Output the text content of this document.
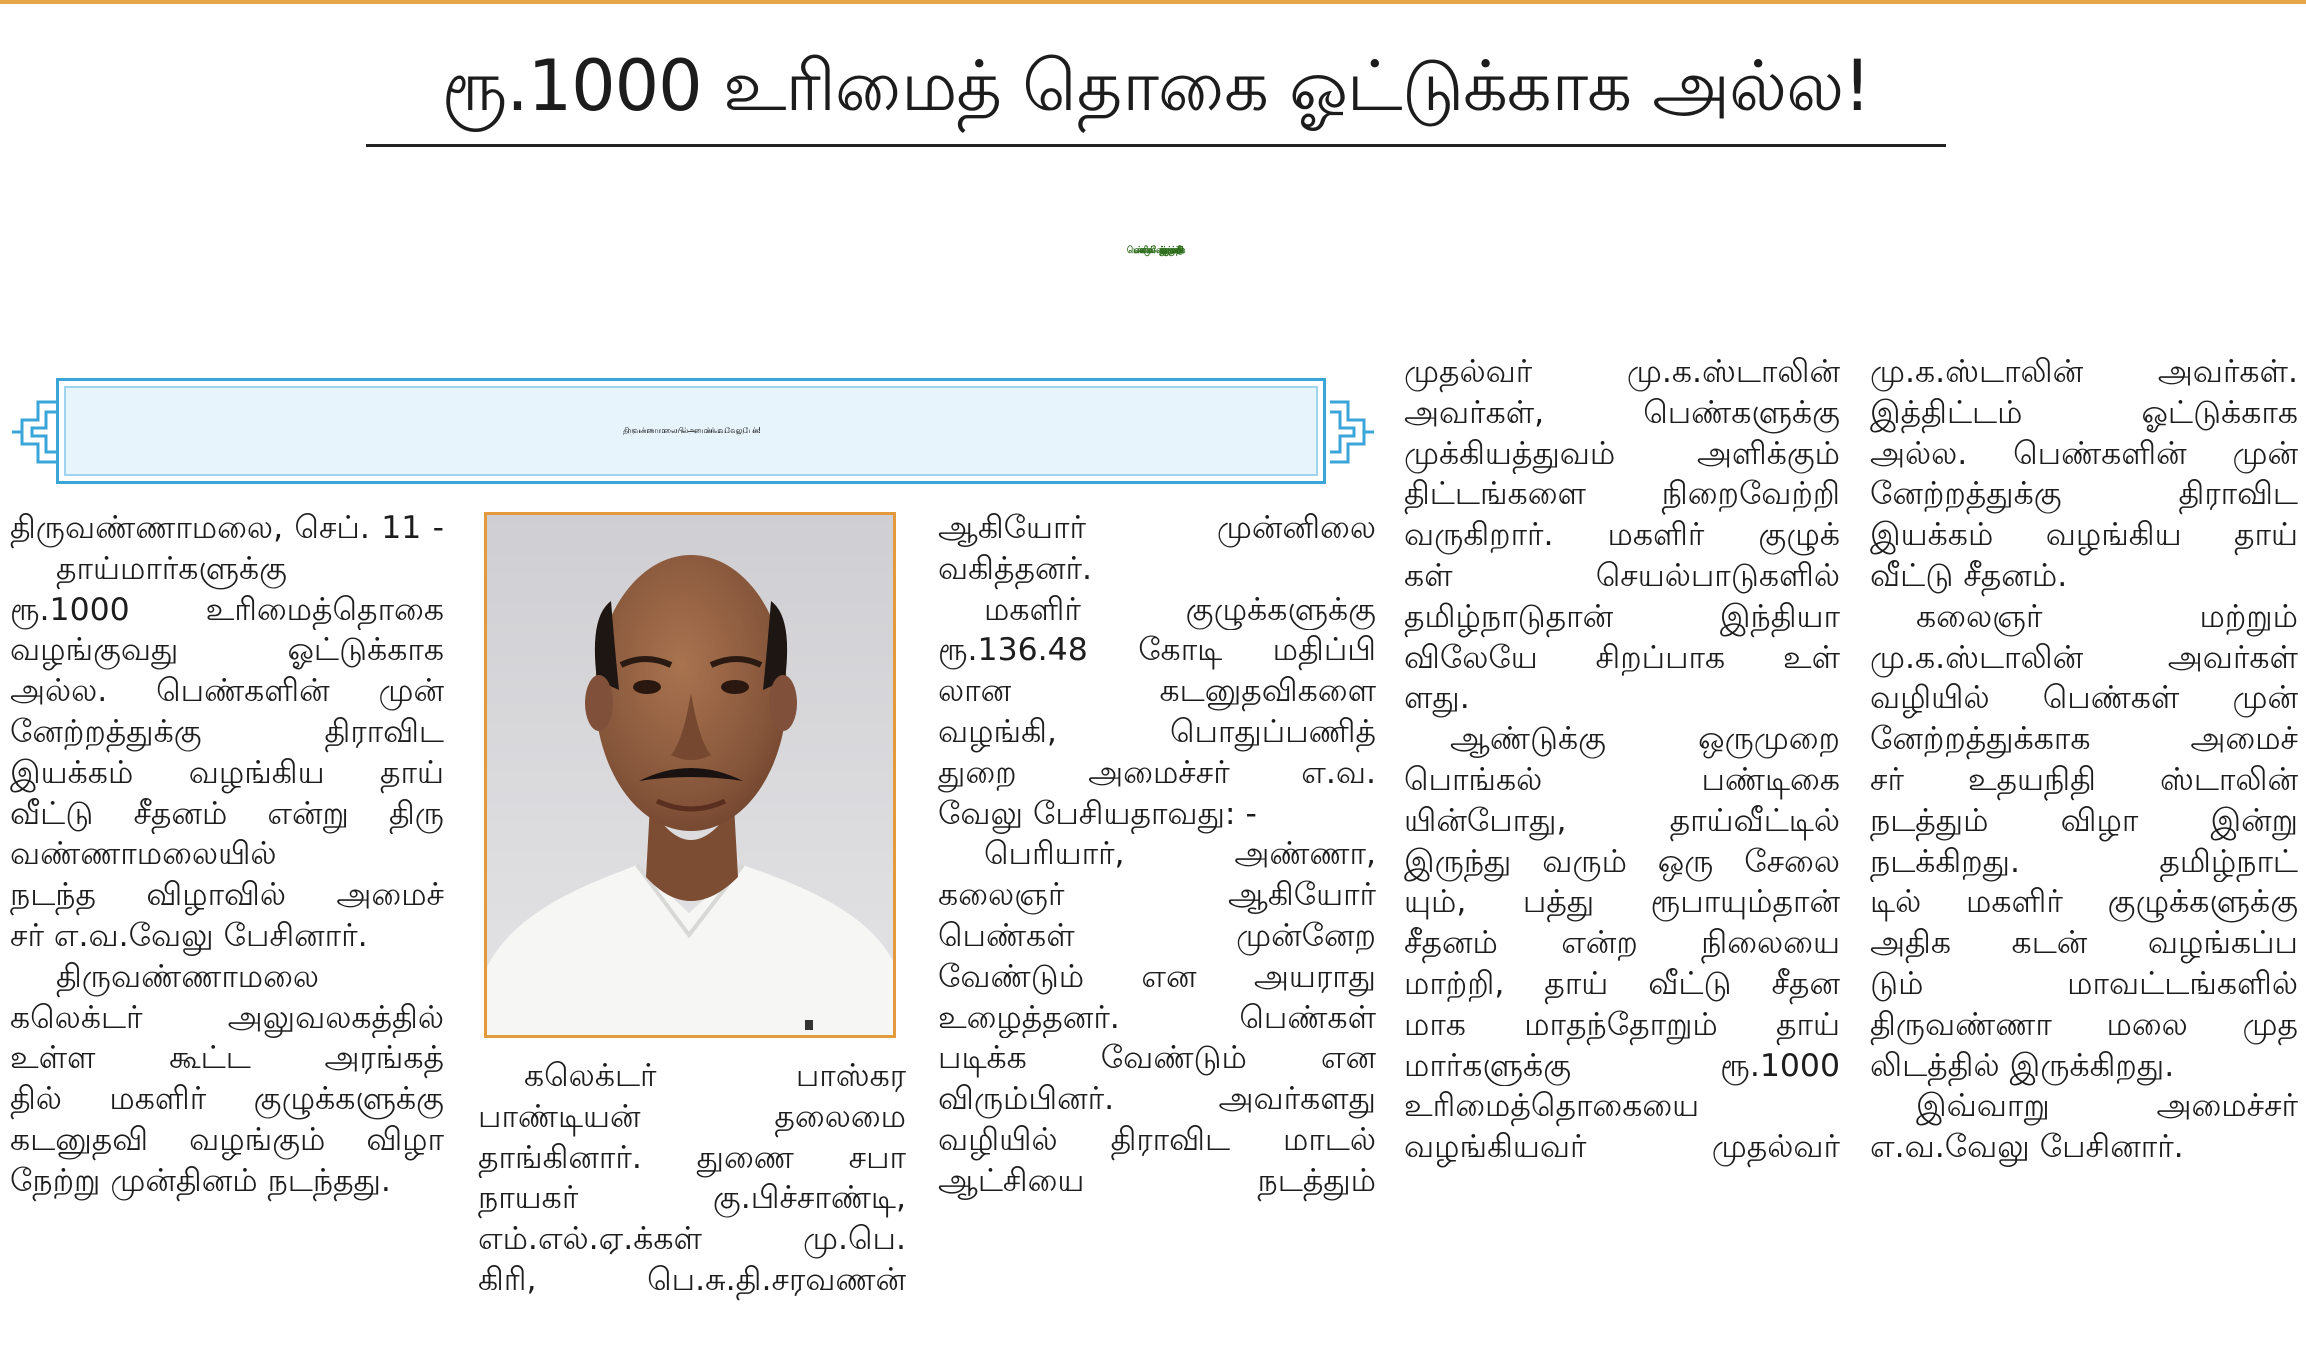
ரூ.1000 உரிமைத் தொகை ஓட்டுக்காக அல்ல!
பெண்களின் முன்னேற்றத்துக்கு வழங்கும் தாய் வீட்டுச் சீதனம்!
திருவண்ணாமலையில் அமைச்சர் எ.வ.வேலு பேச்சு!
திருவண்ணாமலை, செப். 11 -
தாய்மார்களுக்கு
ரூ.1000 உரிமைத்தொகை
வழங்குவது ஓட்டுக்காக
அல்ல. பெண்களின் முன்
னேற்றத்துக்கு திராவிட
இயக்கம் வழங்கிய தாய்
வீட்டு சீதனம் என்று திரு
வண்ணாமலையில்
நடந்த விழாவில் அமைச்
சர் எ.வ.வேலு பேசினார்.
திருவண்ணாமலை
கலெக்டர் அலுவலகத்தில்
உள்ள கூட்ட அரங்கத்
தில் மகளிர் குழுக்களுக்கு
கடனுதவி வழங்கும் விழா
நேற்று முன்தினம் நடந்தது.
கலெக்டர் பாஸ்கர
பாண்டியன் தலைமை
தாங்கினார். துணை சபா
நாயகர் கு.பிச்சாண்டி,
எம்.எல்.ஏ.க்கள் மு.பெ.
கிரி, பெ.சு.தி.சரவணன்
ஆகியோர் முன்னிலை
வகித்தனர்.
மகளிர் குழுக்களுக்கு
ரூ.136.48 கோடி மதிப்பி
லான கடனுதவிகளை
வழங்கி, பொதுப்பணித்
துறை அமைச்சர் எ.வ.
வேலு பேசியதாவது: -
பெரியார், அண்ணா,
கலைஞர் ஆகியோர்
பெண்கள் முன்னேற
வேண்டும் என அயராது
உழைத்தனர். பெண்கள்
படிக்க வேண்டும் என
விரும்பினர். அவர்களது
வழியில் திராவிட மாடல்
ஆட்சியை நடத்தும்
முதல்வர் மு.க.ஸ்டாலின்
அவர்கள், பெண்களுக்கு
முக்கியத்துவம் அளிக்கும்
திட்டங்களை நிறைவேற்றி
வருகிறார். மகளிர் குழுக்
கள் செயல்பாடுகளில்
தமிழ்நாடுதான் இந்தியா
விலேயே சிறப்பாக உள்
ளது.
ஆண்டுக்கு ஒருமுறை
பொங்கல் பண்டிகை
யின்போது, தாய்வீட்டில்
இருந்து வரும் ஒரு சேலை
யும், பத்து ரூபாயும்தான்
சீதனம் என்ற நிலையை
மாற்றி, தாய் வீட்டு சீதன
மாக மாதந்தோறும் தாய்
மார்களுக்கு ரூ.1000
உரிமைத்தொகையை
வழங்கியவர் முதல்வர்
மு.க.ஸ்டாலின் அவர்கள்.
இத்திட்டம் ஓட்டுக்காக
அல்ல. பெண்களின் முன்
னேற்றத்துக்கு திராவிட
இயக்கம் வழங்கிய தாய்
வீட்டு சீதனம்.
கலைஞர் மற்றும்
மு.க.ஸ்டாலின் அவர்கள்
வழியில் பெண்கள் முன்
னேற்றத்துக்காக அமைச்
சர் உதயநிதி ஸ்டாலின்
நடத்தும் விழா இன்று
நடக்கிறது. தமிழ்நாட்
டில் மகளிர் குழுக்களுக்கு
அதிக கடன் வழங்கப்ப
டும் மாவட்டங்களில்
திருவண்ணா மலை முத
லிடத்தில் இருக்கிறது.
இவ்வாறு அமைச்சர்
எ.வ.வேலு பேசினார்.
